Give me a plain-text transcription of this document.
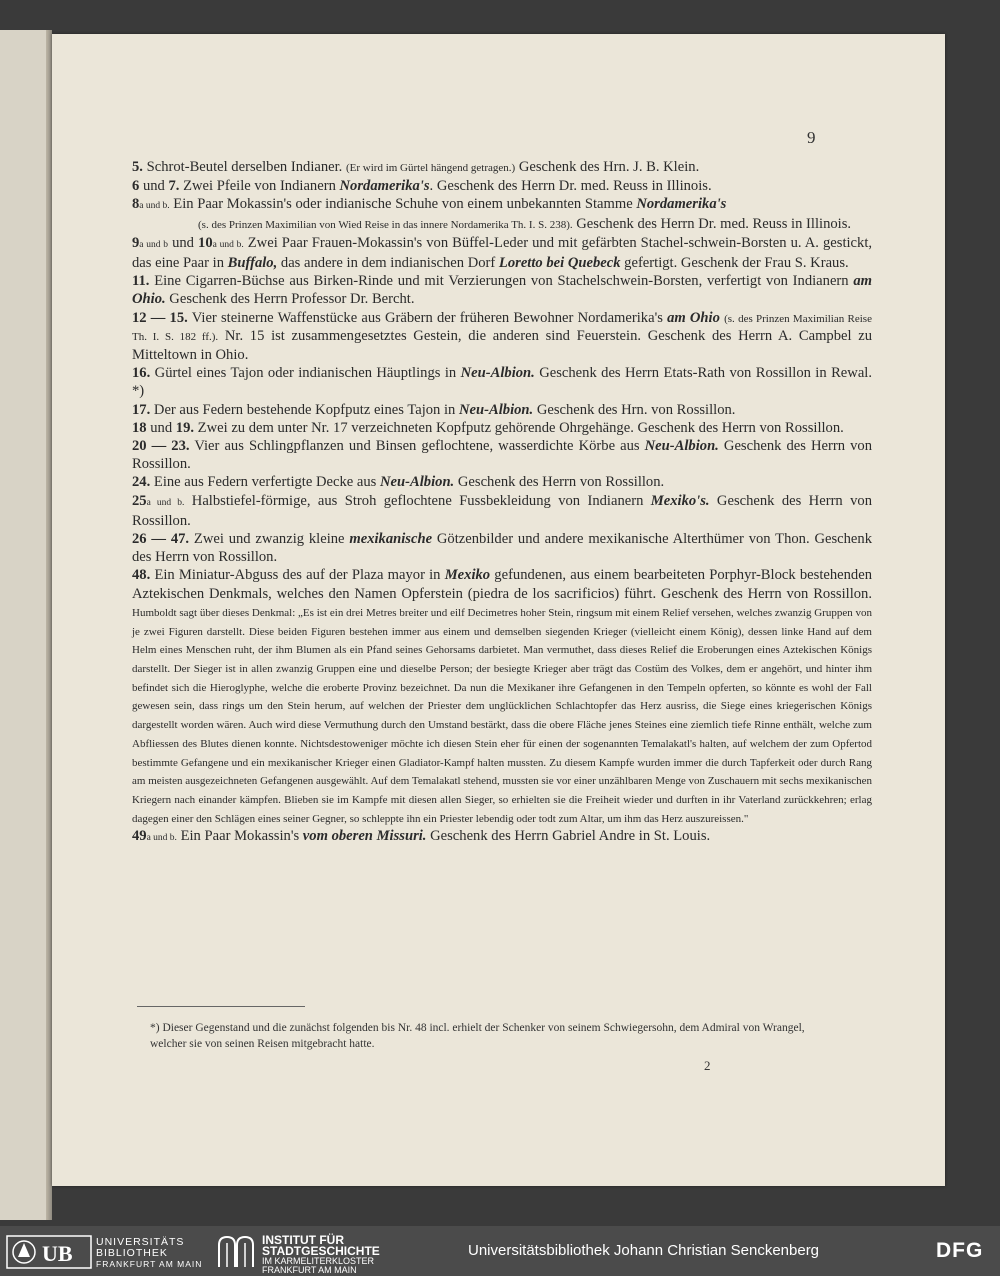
9

5. Schrot-Beutel derselben Indianer. (Er wird im Gürtel hängend getragen.) Geschenk des Hrn. J. B. Klein.

6 und 7. Zwei Pfeile von Indianern Nordamerika's. Geschenk des Herrn Dr. med. Reuss in Illinois.

8a und b. Ein Paar Mokassin's oder indianische Schuhe von einem unbekannten Stamme Nordamerika's

(s. des Prinzen Maximilian von Wied Reise in das innere Nordamerika Th. I. S. 238). Geschenk des Herrn Dr. med. Reuss in Illinois.

9a und b und 10a und b. Zwei Paar Frauen-Mokassin's von Büffel-Leder und mit gefärbten Stachel-schwein-Borsten u. A. gestickt, das eine Paar in Buffalo, das andere in dem indianischen Dorf Loretto bei Quebeck gefertigt. Geschenk der Frau S. Kraus.

11. Eine Cigarren-Büchse aus Birken-Rinde und mit Verzierungen von Stachelschwein-Borsten, verfertigt von Indianern am Ohio. Geschenk des Herrn Professor Dr. Bercht.

12 — 15. Vier steinerne Waffenstücke aus Gräbern der früheren Bewohner Nordamerika's am Ohio (s. des Prinzen Maximilian Reise Th. I. S. 182 ff.). Nr. 15 ist zusammengesetztes Gestein, die anderen sind Feuerstein. Geschenk des Herrn A. Campbel zu Mitteltown in Ohio.

16. Gürtel eines Tajon oder indianischen Häuptlings in Neu-Albion. Geschenk des Herrn Etats-Rath von Rossillon in Rewal. *)

17. Der aus Federn bestehende Kopfputz eines Tajon in Neu-Albion. Geschenk des Hrn. von Rossillon.

18 und 19. Zwei zu dem unter Nr. 17 verzeichneten Kopfputz gehörende Ohrgehänge. Geschenk des Herrn von Rossillon.

20 — 23. Vier aus Schlingpflanzen und Binsen geflochtene, wasserdichte Körbe aus Neu-Albion. Geschenk des Herrn von Rossillon.

24. Eine aus Federn verfertigte Decke aus Neu-Albion. Geschenk des Herrn von Rossillon.

25a und b. Halbstiefel-förmige, aus Stroh geflochtene Fussbekleidung von Indianern Mexiko's. Geschenk des Herrn von Rossillon.

26 — 47. Zwei und zwanzig kleine mexikanische Götzenbilder und andere mexikanische Alterthümer von Thon. Geschenk des Herrn von Rossillon.

48. Ein Miniatur-Abguss des auf der Plaza mayor in Mexiko gefundenen, aus einem bearbeiteten Porphyr-Block bestehenden Aztekischen Denkmals, welches den Namen Opferstein (piedra de los sacrificios) führt. Geschenk des Herrn von Rossillon. Humboldt sagt über dieses Denkmal: „Es ist ein drei Metres breiter und eilf Decimetres hoher Stein, ringsum mit einem Relief versehen, welches zwanzig Gruppen von je zwei Figuren darstellt. Diese beiden Figuren bestehen immer aus einem und demselben siegenden Krieger (vielleicht einem König), dessen linke Hand auf dem Helm eines Menschen ruht, der ihm Blumen als ein Pfand seines Gehorsams darbietet. Man vermuthet, dass dieses Relief die Eroberungen eines Aztekischen Königs darstellt. Der Sieger ist in allen zwanzig Gruppen eine und dieselbe Person; der besiegte Krieger aber trägt das Costüm des Volkes, dem er angehört, und hinter ihm befindet sich die Hieroglyphe, welche die eroberte Provinz bezeichnet. Da nun die Mexikaner ihre Gefangenen in den Tempeln opferten, so könnte es wohl der Fall gewesen sein, dass rings um den Stein herum, auf welchen der Priester dem unglücklichen Schlachtopfer das Herz ausriss, die Siege eines kriegerischen Königs dargestellt worden wären. Auch wird diese Vermuthung durch den Umstand bestärkt, dass die obere Fläche jenes Steines eine ziemlich tiefe Rinne enthält, welche zum Abfliessen des Blutes dienen konnte. Nichtsdestoweniger möchte ich diesen Stein eher für einen der sogenannten Temalakatl's halten, auf welchem der zum Opfertod bestimmte Gefangene und ein mexikanischer Krieger einen Gladiator-Kampf halten mussten. Zu diesem Kampfe wurden immer die durch Tapferkeit oder durch Rang am meisten ausgezeichneten Gefangenen ausgewählt. Auf dem Temalakatl stehend, mussten sie vor einer unzählbaren Menge von Zuschauern mit sechs mexikanischen Kriegern nach einander kämpfen. Blieben sie im Kampfe mit diesen allen Sieger, so erhielten sie die Freiheit wieder und durften in ihr Vaterland zurückkehren; erlag dagegen einer den Schlägen eines seiner Gegner, so schleppte ihn ein Priester lebendig oder todt zum Altar, um ihm das Herz auszureissen."

49a und b. Ein Paar Mokassin's vom oberen Missuri. Geschenk des Herrn Gabriel Andre in St. Louis.

*) Dieser Gegenstand und die zunächst folgenden bis Nr. 48 incl. erhielt der Schenker von seinem Schwiegersohn, dem Admiral von Wrangel, welcher sie von seinen Reisen mitgebracht hatte.
2
UB UNIVERSITÄTS
BIBLIOTHEK
FRANKFURT AM MAIN
INSTITUT FÜR
STADTGESCHICHTE
IM KARMELITERKLOSTER
FRANKFURT AM MAIN
Universitätsbibliothek Johann Christian Senckenberg	DFG
